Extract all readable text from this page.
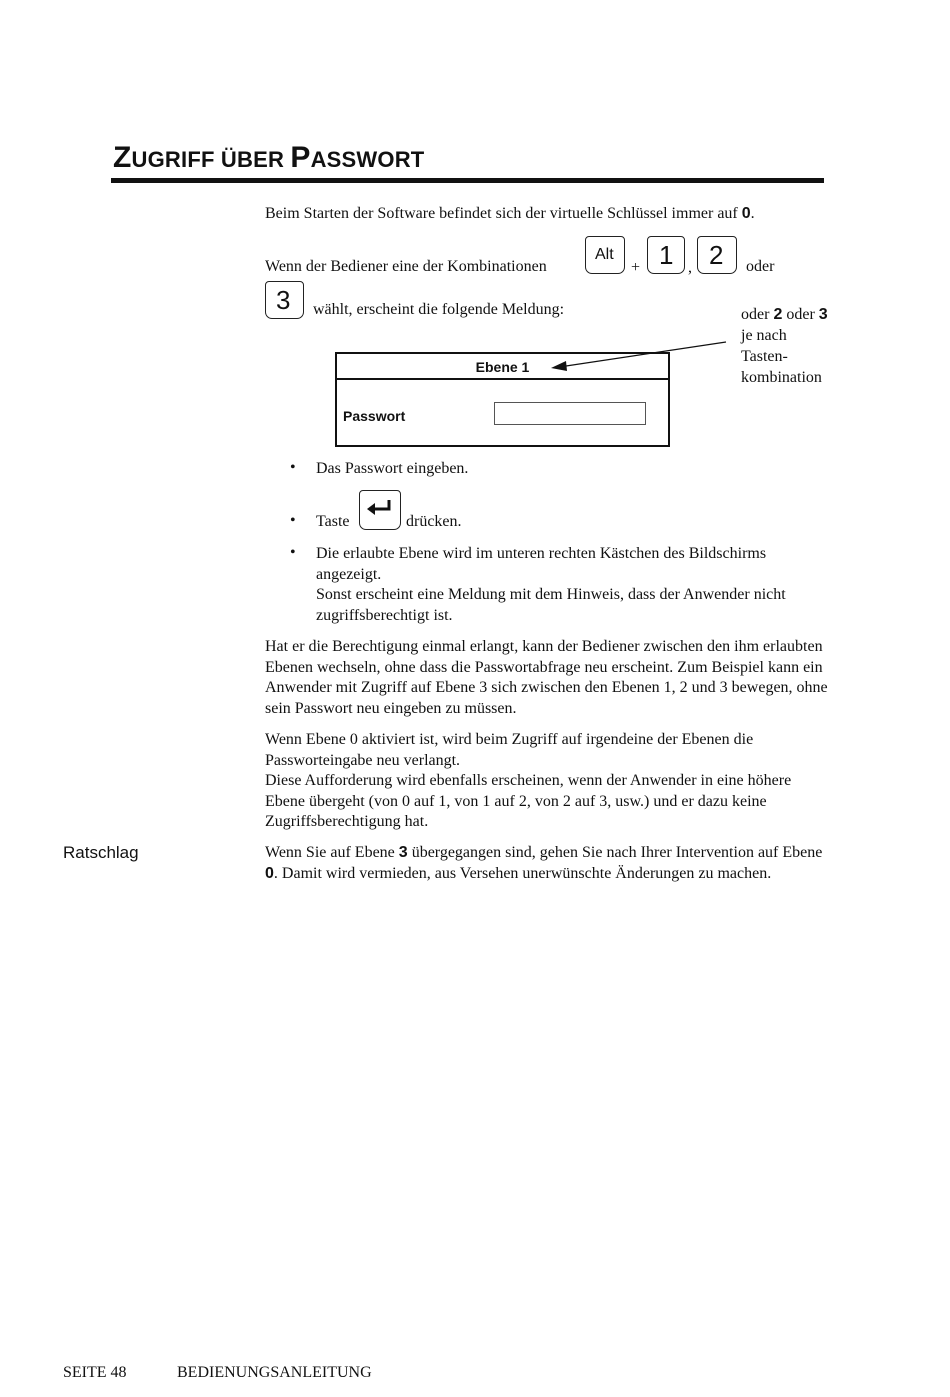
ZUGRIFF ÜBER PASSWORT

Beim Starten der Software befindet sich der virtuelle Schlüssel immer auf 0.

Wenn der Bediener eine der Kombinationen
Alt
+ 1 , 2 oder
3 wählt, erscheint die folgende Meldung:	oder 2 oder 3
je nach
Tasten-
kombination
Ebene 1
Passwort
• Das Passwort eingeben.

• Taste	drücken.
• Die erlaubte Ebene wird im unteren rechten Kästchen des Bildschirms angezeigt.
Sonst erscheint eine Meldung mit dem Hinweis, dass der Anwender nicht zugriffsberechtigt ist.

Hat er die Berechtigung einmal erlangt, kann der Bediener zwischen den ihm erlaubten Ebenen wechseln, ohne dass die Passwortabfrage neu erscheint. Zum Beispiel kann ein Anwender mit Zugriff auf Ebene 3 sich zwischen den Ebenen 1, 2 und 3 bewegen, ohne sein Passwort neu eingeben zu müssen.

Wenn Ebene 0 aktiviert ist, wird beim Zugriff auf irgendeine der Ebenen die Passworteingabe neu verlangt.
Diese Aufforderung wird ebenfalls erscheinen, wenn der Anwender in eine höhere Ebene übergeht (von 0 auf 1, von 1 auf 2, von 2 auf 3, usw.) und er dazu keine Zugriffsberechtigung hat.
Ratschlag	Wenn Sie auf Ebene 3 übergegangen sind, gehen Sie nach Ihrer Intervention auf Ebene 0. Damit wird vermieden, aus Versehen unerwünschte Änderungen zu machen.

SEITE 48	BEDIENUNGSANLEITUNG
